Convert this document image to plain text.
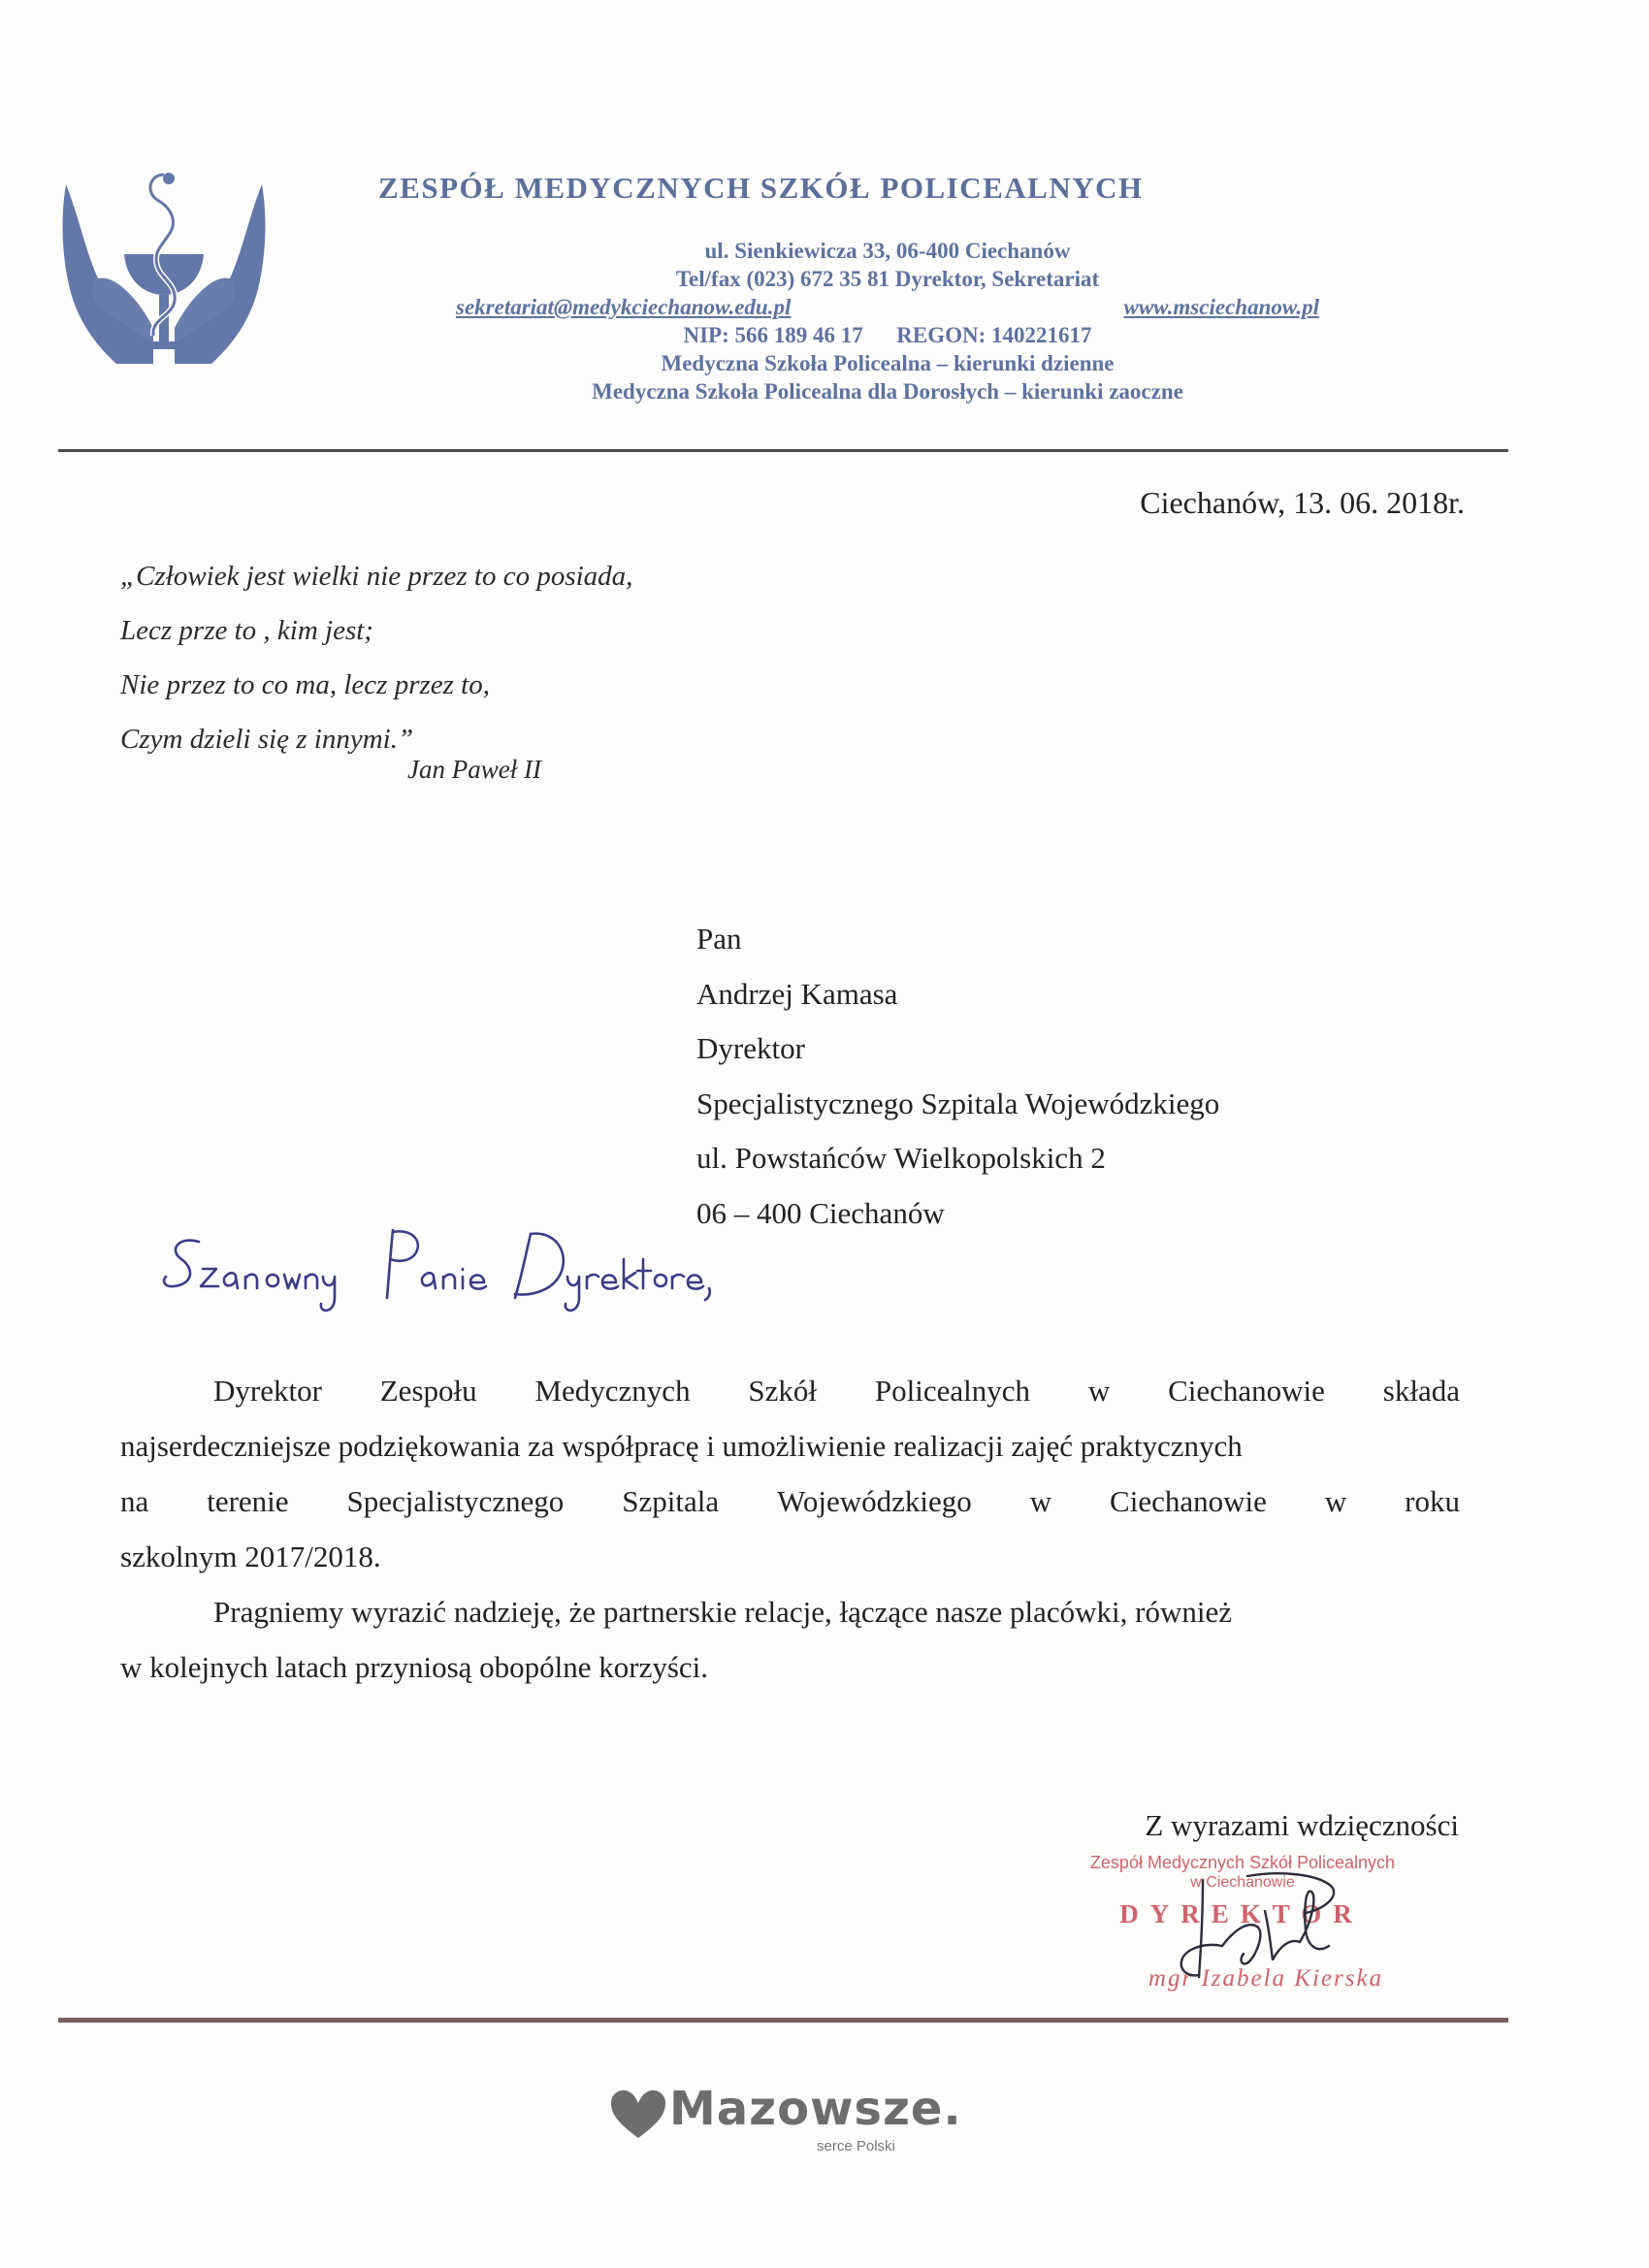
ZESPÓŁ MEDYCZNYCH SZKÓŁ POLICEALNYCH
ul. Sienkiewicza 33, 06-400 Ciechanów
Tel/fax (023) 672 35 81 Dyrektor, Sekretariat
sekretariat@medykciechanow.edu.pl	www.msciechanow.pl
NIP: 566 189 46 17      REGON: 140221617
Medyczna Szkoła Policealna – kierunki dzienne
Medyczna Szkoła Policealna dla Dorosłych – kierunki zaoczne
Ciechanów, 13. 06. 2018r.
„Człowiek jest wielki nie przez to co posiada,
Lecz prze to , kim jest;
Nie przez to co ma, lecz przez to,
Czym dzieli się z innymi.”
Jan Paweł II
Pan
Andrzej Kamasa
Dyrektor
Specjalistycznego Szpitala Wojewódzkiego
ul. Powstańców Wielkopolskich 2
06 – 400 Ciechanów
Dyrektor Zespołu Medycznych Szkół Policealnych w Ciechanowie składa
najserdeczniejsze podziękowania za współpracę i umożliwienie realizacji zajęć praktycznych
na terenie Specjalistycznego Szpitala Wojewódzkiego w Ciechanowie w roku
szkolnym 2017/2018.
Pragniemy wyrazić nadzieję, że partnerskie relacje, łączące nasze placówki, również
w kolejnych latach przyniosą obopólne korzyści.
Z wyrazami wdzięczności
Zespół Medycznych Szkół Policealnych
w Ciechanowie
DYREKTOR
mgr Izabela Kierska
Mazowsze.
serce Polski
